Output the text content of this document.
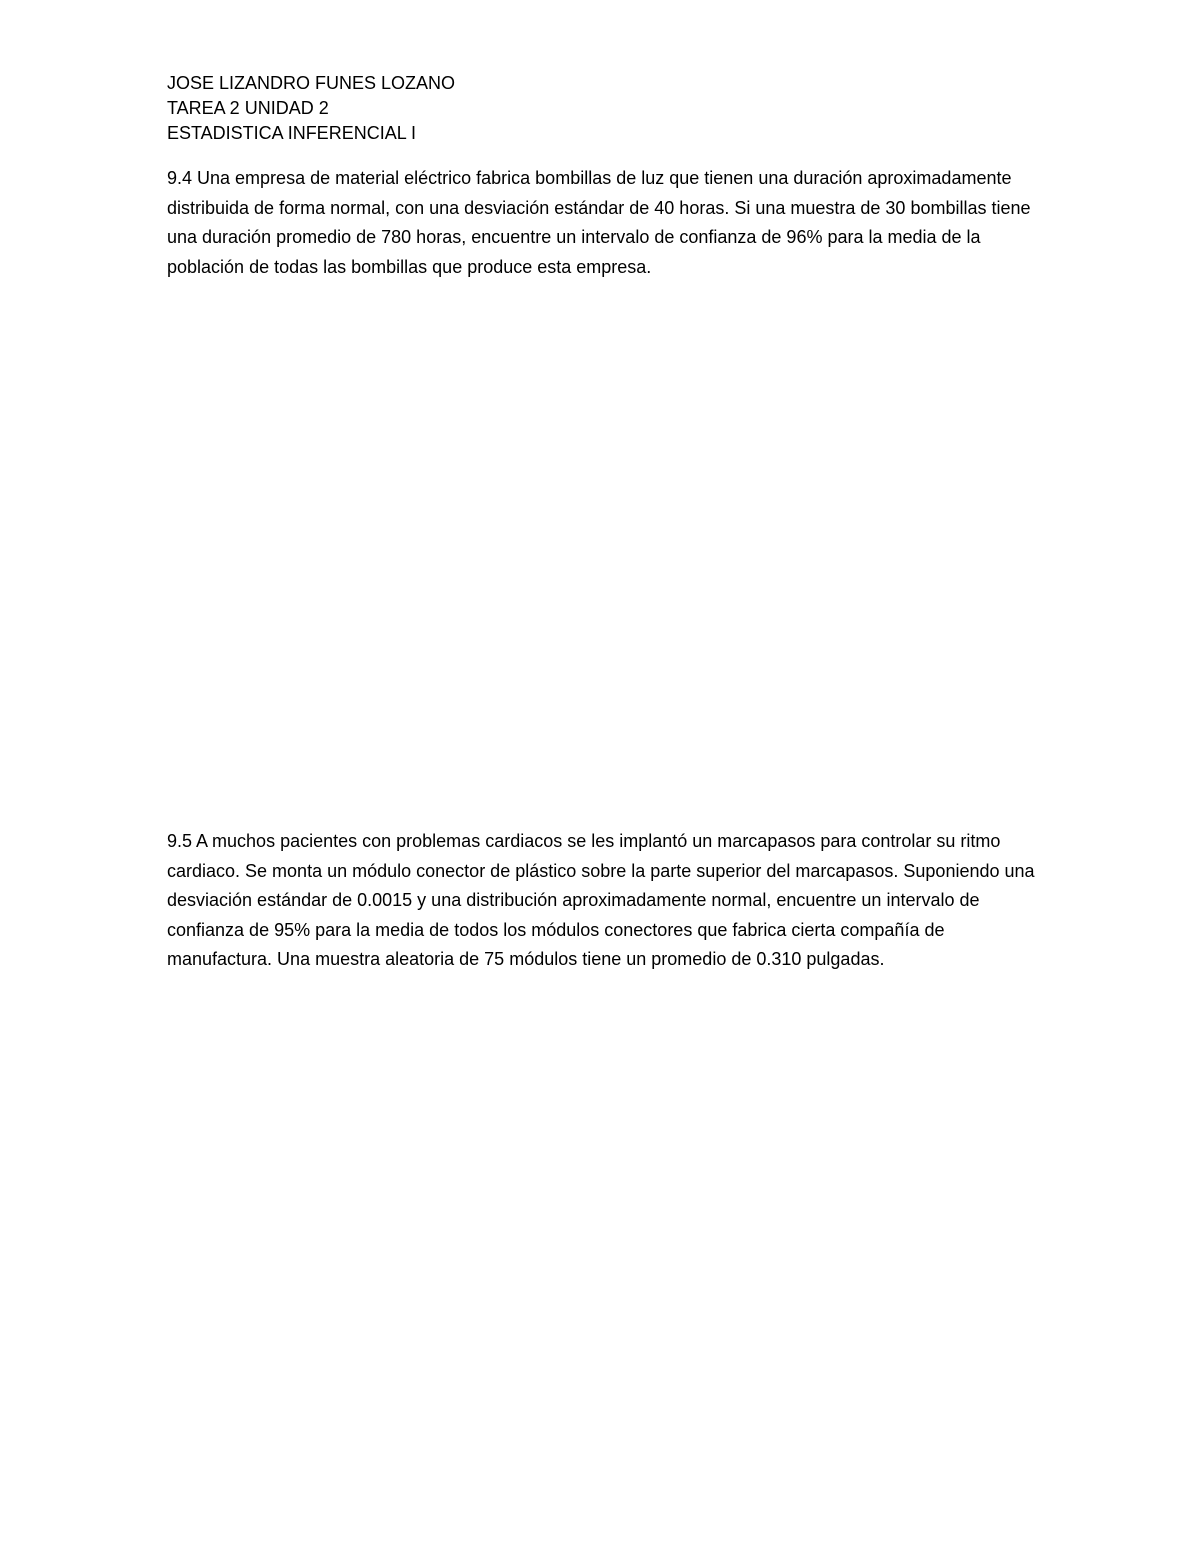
JOSE LIZANDRO FUNES LOZANO
TAREA 2 UNIDAD 2
ESTADISTICA INFERENCIAL I

9.4 Una empresa de material eléctrico fabrica bombillas de luz que tienen una duración aproximadamente distribuida de forma normal, con una desviación estándar de 40 horas. Si una muestra de 30 bombillas tiene una duración promedio de 780 horas, encuentre un intervalo de confianza de 96% para la media de la población de todas las bombillas que produce esta empresa.

9.5 A muchos pacientes con problemas cardiacos se les implantó un marcapasos para controlar su ritmo cardiaco. Se monta un módulo conector de plástico sobre la parte superior del marcapasos. Suponiendo una desviación estándar de 0.0015 y una distribución aproximadamente normal, encuentre un intervalo de confianza de 95% para la media de todos los módulos conectores que fabrica cierta compañía de manufactura. Una muestra aleatoria de 75 módulos tiene un promedio de 0.310 pulgadas.
